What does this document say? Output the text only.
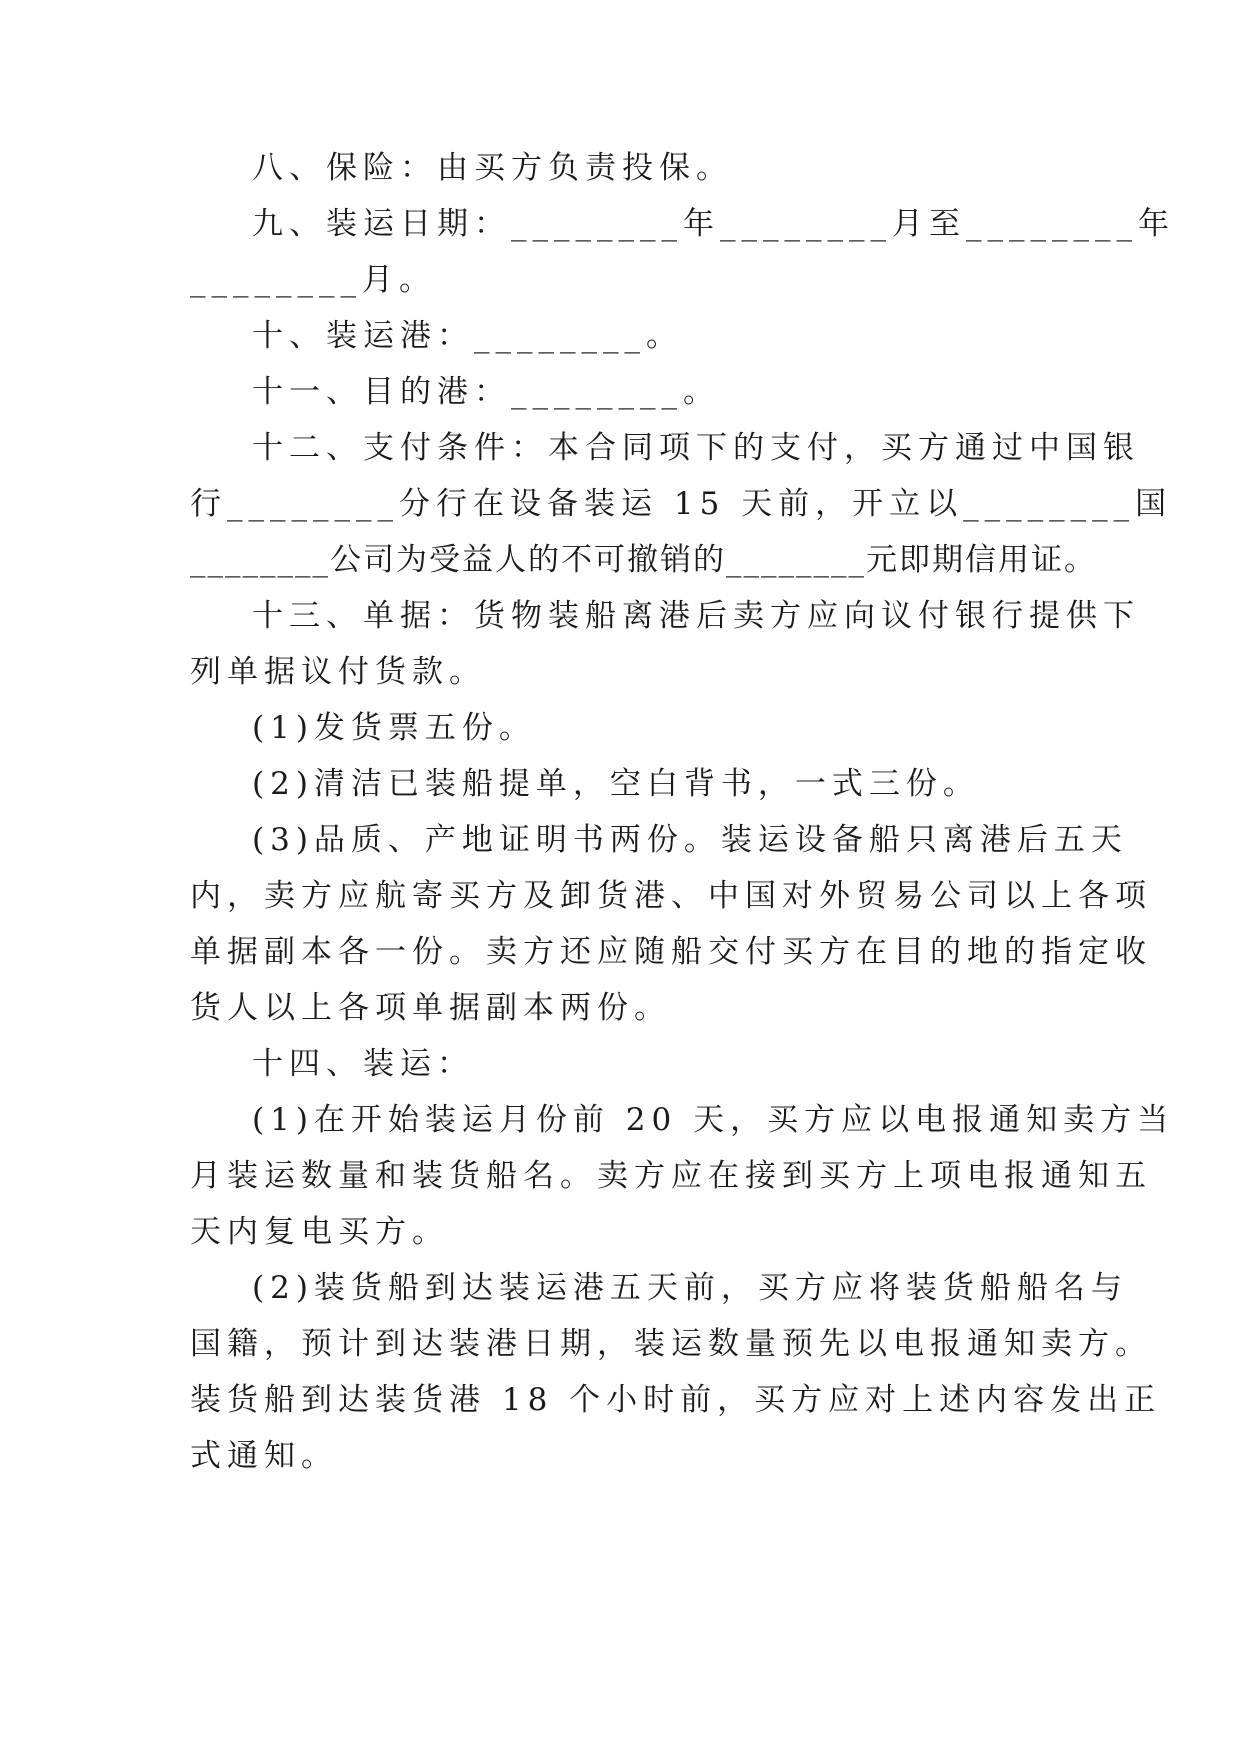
八、保险：由买方负责投保。
九、装运日期：________年________月至________年
________月。
十、装运港：________。
十一、目的港：________。
十二、支付条件：本合同项下的支付，买方通过中国银
行________分行在设备装运 15 天前，开立以________国
________公司为受益人的不可撤销的________元即期信用证。
十三、单据：货物装船离港后卖方应向议付银行提供下
列单据议付货款。
(1)发货票五份。
(2)清洁已装船提单，空白背书，一式三份。
(3)品质、产地证明书两份。装运设备船只离港后五天
内，卖方应航寄买方及卸货港、中国对外贸易公司以上各项
单据副本各一份。卖方还应随船交付买方在目的地的指定收
货人以上各项单据副本两份。
十四、装运：
(1)在开始装运月份前 20 天，买方应以电报通知卖方当
月装运数量和装货船名。卖方应在接到买方上项电报通知五
天内复电买方。
(2)装货船到达装运港五天前，买方应将装货船船名与
国籍，预计到达装港日期，装运数量预先以电报通知卖方。
装货船到达装货港 18 个小时前，买方应对上述内容发出正
式通知。
